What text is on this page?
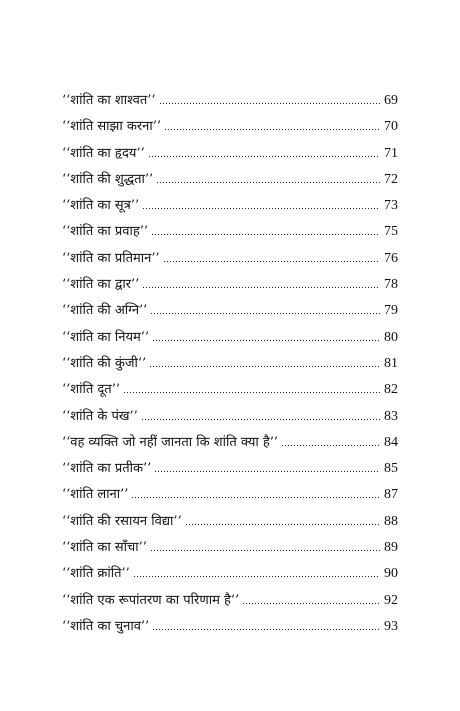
‘‘शांति का शाश्वत’’	69
‘‘शांति साझा करना’’	70
‘‘शांति का हृदय’’	71
‘‘शांति की शुद्धता’’	72
‘‘शांति का सूत्र’’	73
‘‘शांति का प्रवाह’’	75
‘‘शांति का प्रतिमान’’	76
‘‘शांति का द्वार’’	78
‘‘शांति की अग्नि’’	79
‘‘शांति का नियम’’	80
‘‘शांति की कुंजी’’	81
‘‘शांति दूत’’	82
‘‘शांति के पंख’’	83
‘‘वह व्यक्ति जो नहीं जानता कि शांति क्या है’’	84
‘‘शांति का प्रतीक’’	85
‘‘शांति लाना’’	87
‘‘शांति की रसायन विद्या’’	88
‘‘शांति का साँचा’’	89
‘‘शांति क्रांति’’	90
‘‘शांति एक रूपांतरण का परिणाम है’’	92
‘‘शांति का चुनाव’’	93
